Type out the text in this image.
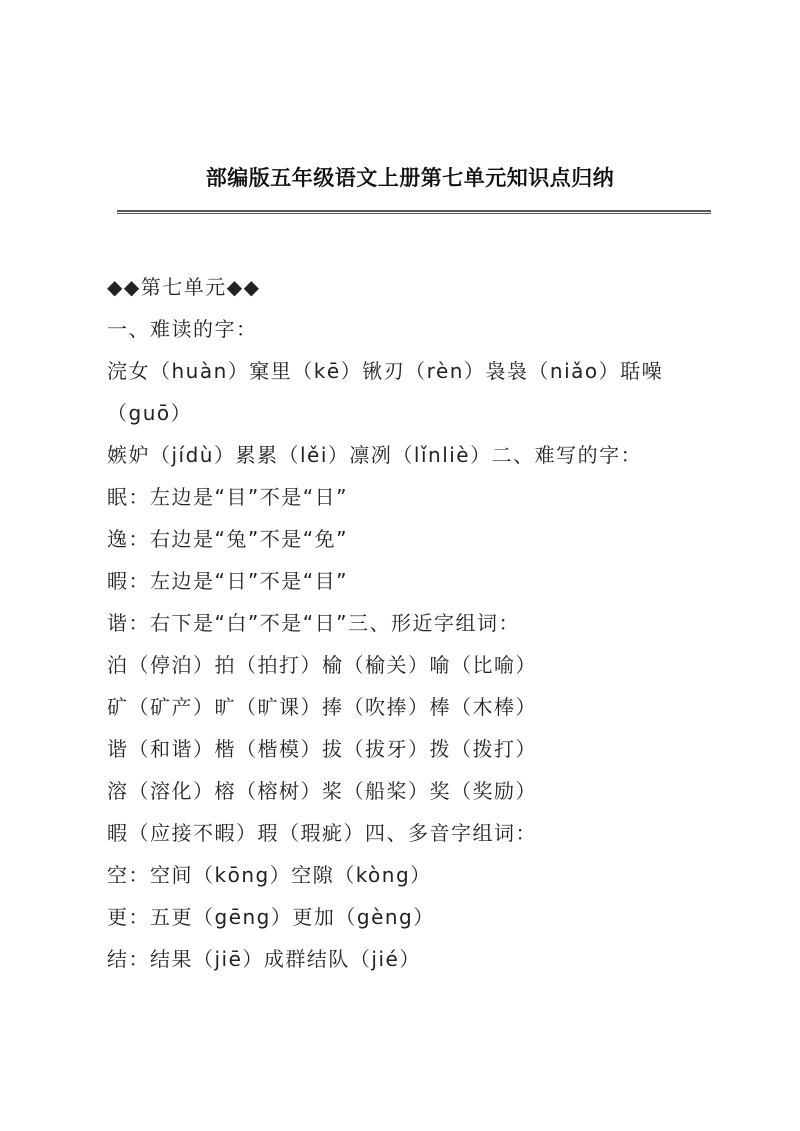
部编版五年级语文上册第七单元知识点归纳
◆◆第七单元◆◆
一、难读的字：
浣女（huàn）窠里（kē）锹刃（rèn）袅袅（niǎo）聒噪
（guō）
嫉妒（jídù）累累（lěi）凛冽（lǐnliè）二、难写的字：
眠：左边是“目”不是“日”
逸：右边是“兔”不是“免”
暇：左边是“日”不是“目”
谐：右下是“白”不是“日”三、形近字组词：
泊（停泊）拍（拍打）榆（榆关）喻（比喻）
矿（矿产）旷（旷课）捧（吹捧）棒（木棒）
谐（和谐）楷（楷模）拔（拔牙）拨（拨打）
溶（溶化）榕（榕树）桨（船桨）奖（奖励）
暇（应接不暇）瑕（瑕疵）四、多音字组词：
空：空间（kōng）空隙（kòng）
更：五更（gēng）更加（gèng）
结：结果（jiē）成群结队（jié）
